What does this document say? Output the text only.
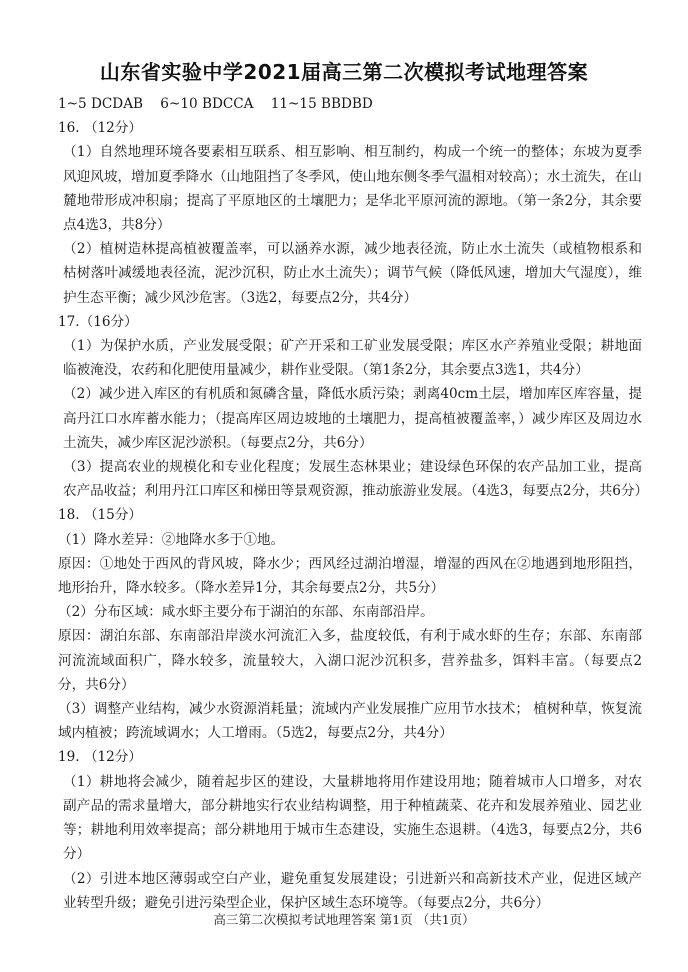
山东省实验中学2021届高三第二次模拟考试地理答案
1~5 DCDAB    6~10 BDCCA    11~15 BBDBD
16. （12分）
（1）自然地理环境各要素相互联系、相互影响、相互制约，构成一个统一的整体；东坡为夏季风迎风坡，增加夏季降水（山地阻挡了冬季风，使山地东侧冬季气温相对较高）；水土流失，在山麓地带形成冲积扇；提高了平原地区的土壤肥力；是华北平原河流的源地。（第一条2分，其余要点4选3，共8分）
（2）植树造林提高植被覆盖率，可以涵养水源，减少地表径流，防止水土流失（或植物根系和枯树落叶减缓地表径流，泥沙沉积，防止水土流失）；调节气候（降低风速，增加大气湿度），维护生态平衡；减少风沙危害。（3选2，每要点2分，共4分）
17.（16分）
（1）为保护水质，产业发展受限；矿产开采和工矿业发展受限；库区水产养殖业受限；耕地面临被淹没，农药和化肥使用量减少，耕作业受限。（第1条2分，其余要点3选1，共4分）
（2）减少进入库区的有机质和氮磷含量，降低水质污染；剥离40cm土层，增加库区库容量，提高丹江口水库蓄水能力；（提高库区周边坡地的土壤肥力，提高植被覆盖率，）减少库区及周边水土流失，减少库区泥沙淤积。（每要点2分，共6分）
（3）提高农业的规模化和专业化程度；发展生态林果业；建设绿色环保的农产品加工业，提高农产品收益；利用丹江口库区和梯田等景观资源，推动旅游业发展。（4选3，每要点2分，共6分）
18. （15分）
（1）降水差异：②地降水多于①地。
原因：①地处于西风的背风坡，降水少；西风经过湖泊增湿，增湿的西风在②地遇到地形阻挡，地形抬升，降水较多。（降水差异1分，其余每要点2分，共5分）
（2）分布区域：咸水虾主要分布于湖泊的东部、东南部沿岸。
原因：湖泊东部、东南部沿岸淡水河流汇入多，盐度较低，有利于咸水虾的生存；东部、东南部河流流域面积广，降水较多，流量较大，入湖口泥沙沉积多，营养盐多，饵料丰富。（每要点2分，共6分）
（3）调整产业结构，减少水资源消耗量；流域内产业发展推广应用节水技术； 植树种草，恢复流域内植被；跨流域调水；人工增雨。（5选2，每要点2分，共4分）
19. （12分）
（1）耕地将会减少，随着起步区的建设，大量耕地将用作建设用地；随着城市人口增多，对农副产品的需求量增大，部分耕地实行农业结构调整，用于种植蔬菜、花卉和发展养殖业、园艺业等；耕地利用效率提高；部分耕地用于城市生态建设，实施生态退耕。（4选3，每要点2分，共6分）
（2）引进本地区薄弱或空白产业，避免重复发展建设；引进新兴和高新技术产业，促进区域产业转型升级；避免引进污染型企业，保护区域生态环境等。（每要点2分，共6分）
高三第二次模拟考试地理答案 第1页 （共1页）
